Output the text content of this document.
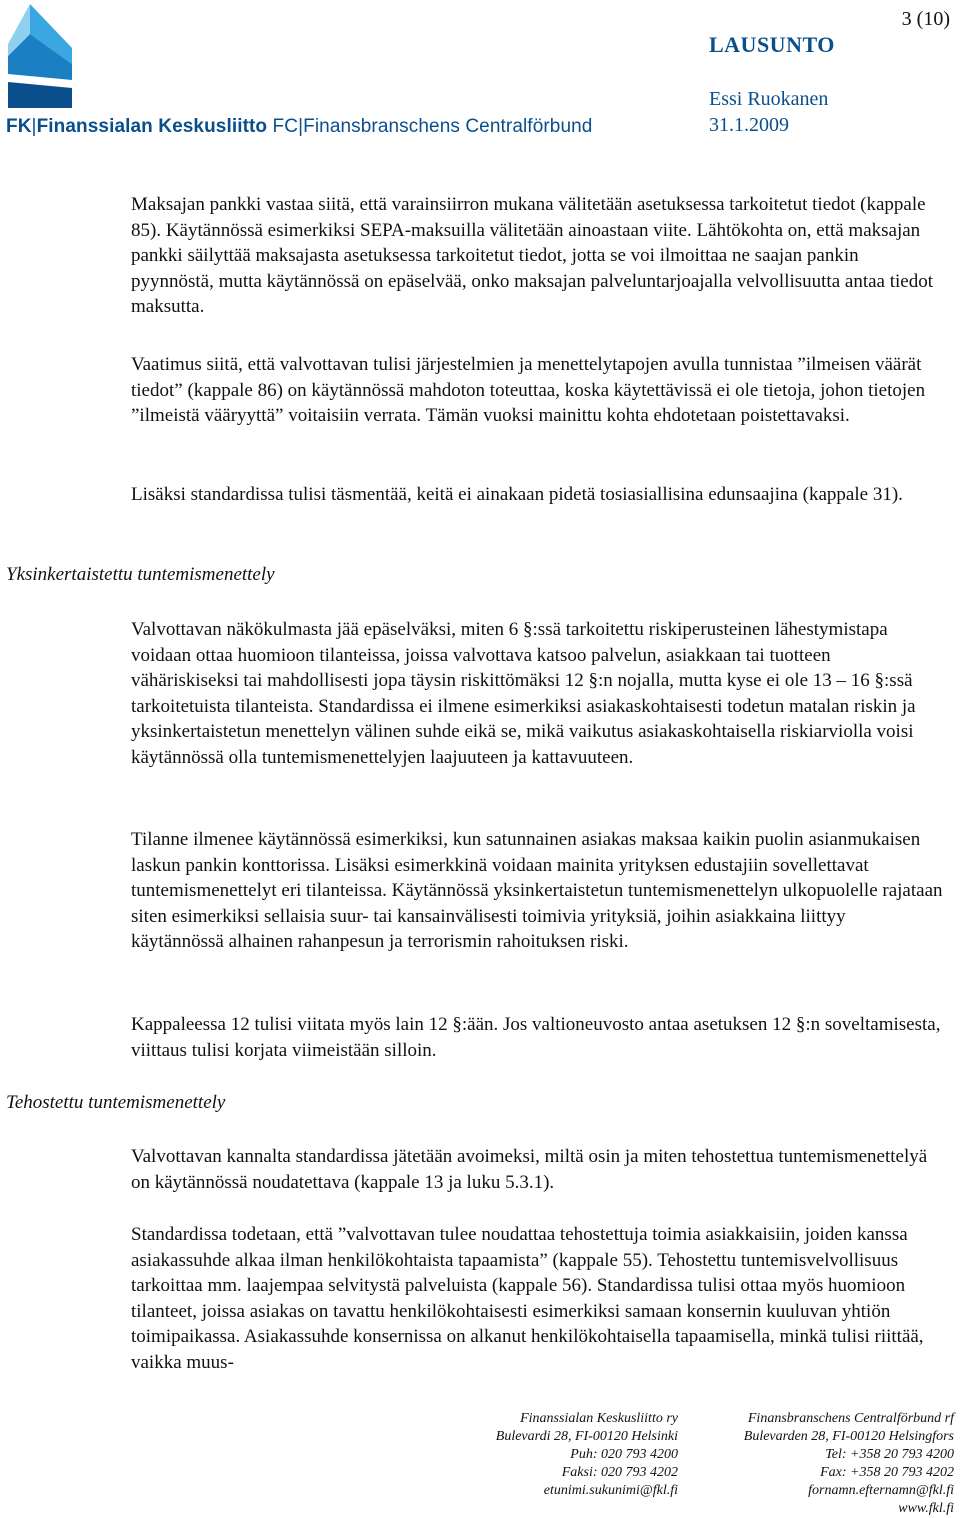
FK|Finanssialan Keskusliitto FC|Finansbranschens Centralförbund
3 (10)
LAUSUNTO
Essi Ruokanen
31.1.2009

Maksajan pankki vastaa siitä, että varainsiirron mukana välitetään asetuksessa tarkoitetut tiedot (kappale 85). Käytännössä esimerkiksi SEPA-maksuilla välitetään ainoastaan viite. Lähtökohta on, että maksajan pankki säilyttää maksajasta asetuksessa tarkoitetut tiedot, jotta se voi ilmoittaa ne saajan pankin pyynnöstä, mutta käytännössä on epäselvää, onko maksajan palveluntarjoajalla velvollisuutta antaa tiedot maksutta.

Vaatimus siitä, että valvottavan tulisi järjestelmien ja menettelytapojen avulla tunnistaa ”ilmeisen väärät tiedot” (kappale 86) on käytännössä mahdoton toteuttaa, koska käytettävissä ei ole tietoja, johon tietojen ”ilmeistä vääryyttä” voitaisiin verrata. Tämän vuoksi mainittu kohta ehdotetaan poistettavaksi.

Lisäksi standardissa tulisi täsmentää, keitä ei ainakaan pidetä tosiasiallisina edunsaajina (kappale 31).

Yksinkertaistettu tuntemismenettely

Valvottavan näkökulmasta jää epäselväksi, miten 6 §:ssä tarkoitettu riskiperusteinen lähestymistapa voidaan ottaa huomioon tilanteissa, joissa valvottava katsoo palvelun, asiakkaan tai tuotteen vähäriskiseksi tai mahdollisesti jopa täysin riskittömäksi 12 §:n nojalla, mutta kyse ei ole 13 – 16 §:ssä tarkoitetuista tilanteista. Standardissa ei ilmene esimerkiksi asiakaskohtaisesti todetun matalan riskin ja yksinkertaistetun menettelyn välinen suhde eikä se, mikä vaikutus asiakaskohtaisella riskiarviolla voisi käytännössä olla tuntemismenettelyjen laajuuteen ja kattavuuteen.

Tilanne ilmenee käytännössä esimerkiksi, kun satunnainen asiakas maksaa kaikin puolin asianmukaisen laskun pankin konttorissa. Lisäksi esimerkkinä voidaan mainita yrityksen edustajiin sovellettavat tuntemismenettelyt eri tilanteissa. Käytännössä yksinkertaistetun tuntemismenettelyn ulkopuolelle rajataan siten esimerkiksi sellaisia suur- tai kansainvälisesti toimivia yrityksiä, joihin asiakkaina liittyy käytännössä alhainen rahanpesun ja terrorismin rahoituksen riski.

Kappaleessa 12 tulisi viitata myös lain 12 §:ään. Jos valtioneuvosto antaa asetuksen 12 §:n soveltamisesta, viittaus tulisi korjata viimeistään silloin.

Tehostettu tuntemismenettely

Valvottavan kannalta standardissa jätetään avoimeksi, miltä osin ja miten tehostettua tuntemismenettelyä on käytännössä noudatettava (kappale 13 ja luku 5.3.1).

Standardissa todetaan, että ”valvottavan tulee noudattaa tehostettuja toimia asiakkaisiin, joiden kanssa asiakassuhde alkaa ilman henkilökohtaista tapaamista” (kappale 55). Tehostettu tuntemisvelvollisuus tarkoittaa mm. laajempaa selvitystä palveluista (kappale 56). Standardissa tulisi ottaa myös huomioon tilanteet, joissa asiakas on tavattu henkilökohtaisesti esimerkiksi samaan konsernin kuuluvan yhtiön toimipaikassa. Asiakassuhde konsernissa on alkanut henkilökohtaisella tapaamisella, minkä tulisi riittää, vaikka muus-

Finanssialan Keskusliitto ry
Bulevardi 28, FI-00120 Helsinki
Puh: 020 793 4200
Faksi: 020 793 4202
etunimi.sukunimi@fkl.fi
Finansbranschens Centralförbund rf
Bulevarden 28, FI-00120 Helsingfors
Tel: +358 20 793 4200
Fax: +358 20 793 4202
fornamn.efternamn@fkl.fi
www.fkl.fi
